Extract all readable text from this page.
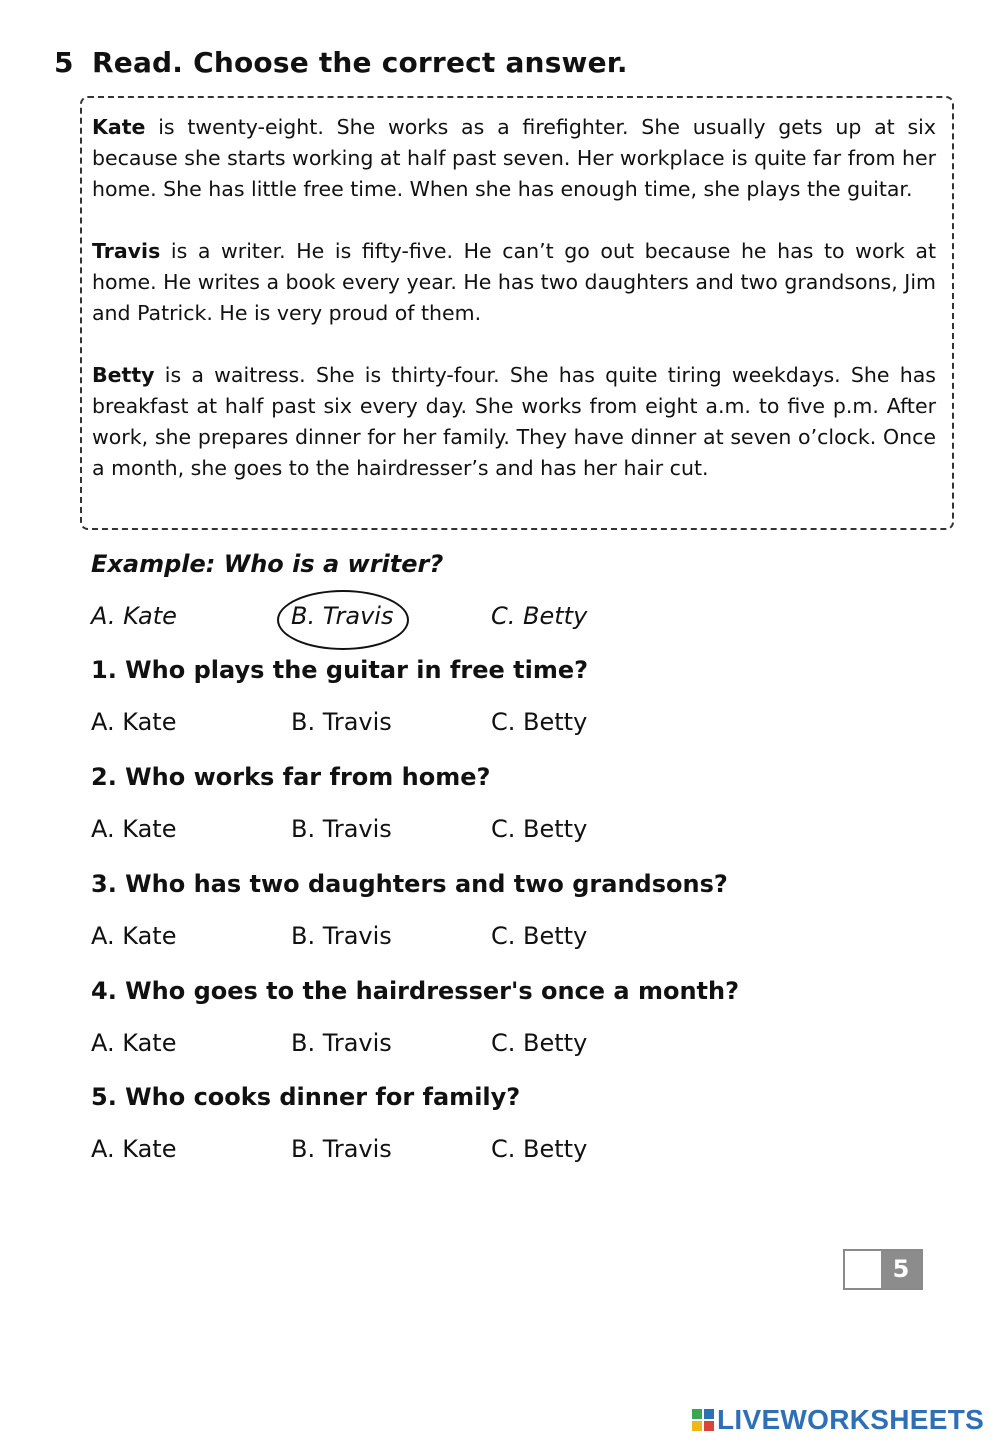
5 Read. Choose the correct answer.

Kate is twenty-eight. She works as a firefighter. She usually gets up at six because she starts working at half past seven. Her workplace is quite far from her home. She has little free time. When she has enough time, she plays the guitar.

Travis is a writer. He is fifty-five. He can’t go out because he has to work at home. He writes a book every year. He has two daughters and two grandsons, Jim and Patrick. He is very proud of them.

Betty is a waitress. She is thirty-four. She has quite tiring weekdays. She has breakfast at half past six every day. She works from eight a.m. to five p.m. After work, she prepares dinner for her family. They have dinner at seven o’clock. Once a month, she goes to the hairdresser’s and has her hair cut.

Example: Who is a writer?

A. Kate	B. Travis	C. Betty

1. Who plays the guitar in free time?

A. Kate	B. Travis	C. Betty

2. Who works far from home?

A. Kate	B. Travis	C. Betty

3. Who has two daughters and two grandsons?

A. Kate	B. Travis	C. Betty

4. Who goes to the hairdresser's once a month?

A. Kate	B. Travis	C. Betty

5. Who cooks dinner for family?

A. Kate	B. Travis	C. Betty
5
LIVEWORKSHEETS
